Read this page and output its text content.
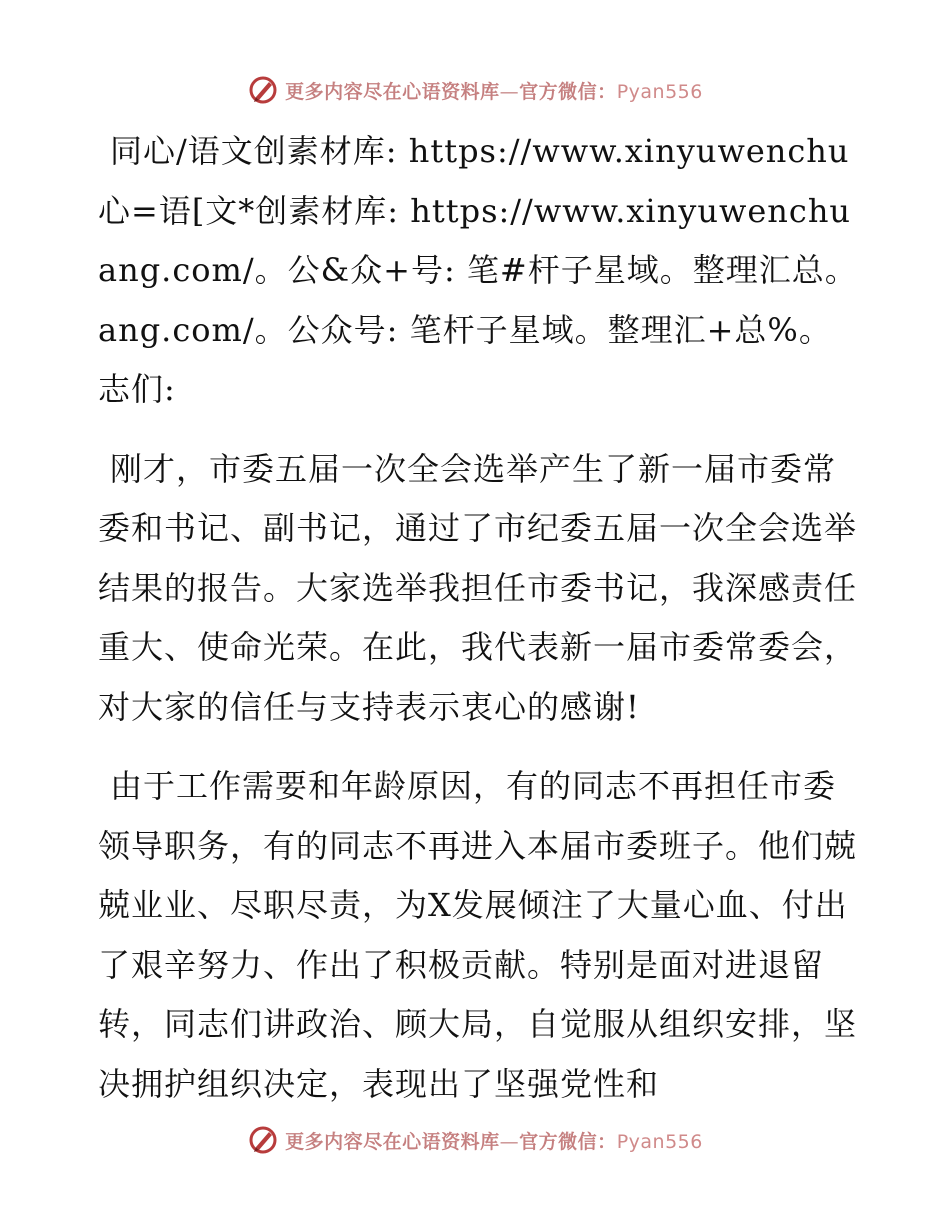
更多内容尽在心语资料库—官方微信：Pyan556

同心/语文创素材库: https://www.xinyuwenchu心=语[文*创素材库: https://www.xinyuwenchuang.com/。公&众+号: 笔#杆子星域。整理汇总。ang.com/。公众号: 笔杆子星域。整理汇+总%。志们:

刚才，市委五届一次全会选举产生了新一届市委常委和书记、副书记，通过了市纪委五届一次全会选举结果的报告。大家选举我担任市委书记，我深感责任重大、使命光荣。在此，我代表新一届市委常委会，对大家的信任与支持表示衷心的感谢!

由于工作需要和年龄原因，有的同志不再担任市委领导职务，有的同志不再进入本届市委班子。他们兢兢业业、尽职尽责，为X发展倾注了大量心血、付出了艰辛努力、作出了积极贡献。特别是面对进退留转，同志们讲政治、顾大局，自觉服从组织安排，坚决拥护组织决定，表现出了坚强党性和

更多内容尽在心语资料库—官方微信：Pyan556
